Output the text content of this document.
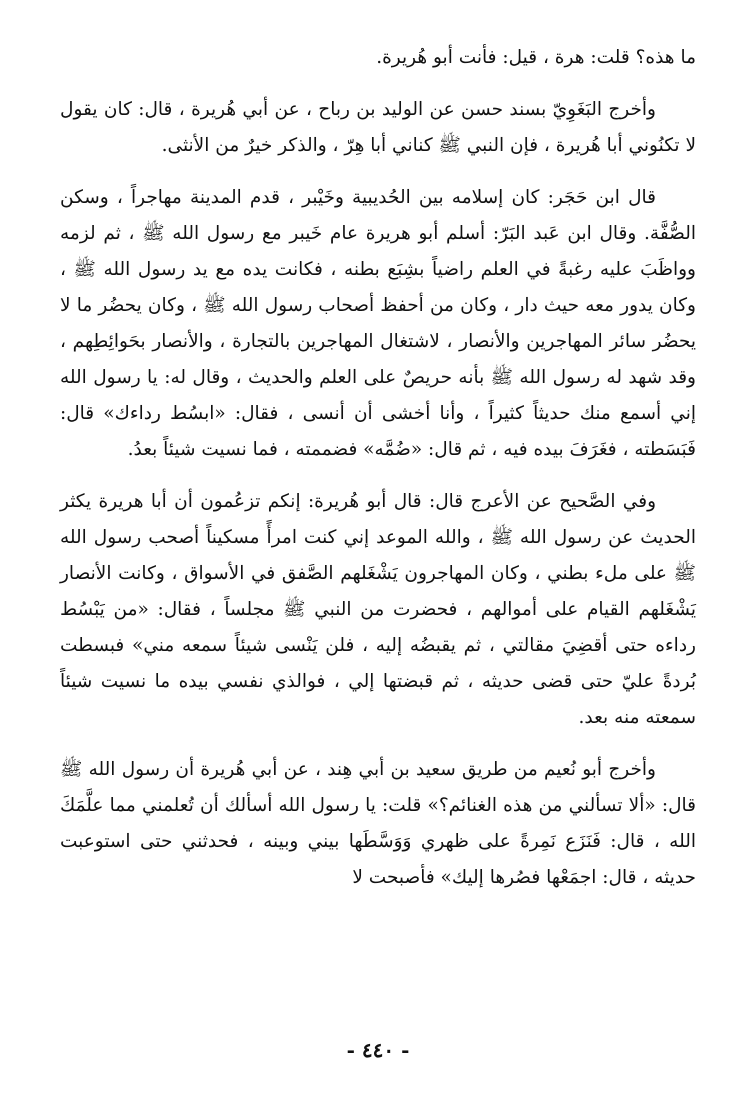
ما هذه؟ قلت: هرة ، قيل: فأنت أبو هُريرة.

وأخرج البَغَوِيّ بسند حسن عن الوليد بن رباح ، عن أبي هُريرة ، قال: كان يقول لا تكنُوني أبا هُريرة ، فإن النبي ﷺ كناني أبا هِرّ ، والذكر خيرٌ من الأنثى.

قال ابن حَجَر: كان إسلامه بين الحُديبية وخَيْبر ، قدم المدينة مهاجراً ، وسكن الصُّفَّة. وقال ابن عَبد البَرّ: أسلم أبو هريرة عام خَيبر مع رسول الله ﷺ ، ثم لزمه وواظَبَ عليه رغبةً في العلم راضياً بشِبَع بطنه ، فكانت يده مع يد رسول الله ﷺ ، وكان يدور معه حيث دار ، وكان من أحفظ أصحاب رسول الله ﷺ ، وكان يحضُر ما لا يحضُر سائر المهاجرين والأنصار ، لاشتغال المهاجرين بالتجارة ، والأنصار بحَوائِطِهم ، وقد شهد له رسول الله ﷺ بأنه حريصٌ على العلم والحديث ، وقال له: يا رسول الله إني أسمع منك حديثاً كثيراً ، وأنا أخشى أن أنسى ، فقال: «ابسُط رداءك» قال: فَبَسَطته ، فغَرَفَ بيده فيه ، ثم قال: «ضُمَّه» فضممته ، فما نسيت شيئاً بعدُ.

وفي الصَّحيح عن الأعرج قال: قال أبو هُريرة: إنكم تزعُمون أن أبا هريرة يكثر الحديث عن رسول الله ﷺ ، والله الموعد إني كنت امرأً مسكيناً أصحب رسول الله ﷺ على ملء بطني ، وكان المهاجرون يَشْغَلهم الصَّفق في الأسواق ، وكانت الأنصار يَشْغَلهم القيام على أموالهم ، فحضرت من النبي ﷺ مجلساً ، فقال: «من يَبْسُط رداءه حتى أقضِيَ مقالتي ، ثم يقبضُه إليه ، فلن يَنْسى شيئاً سمعه مني» فبسطت بُردةً عليّ حتى قضى حديثه ، ثم قبضتها إلي ، فوالذي نفسي بيده ما نسيت شيئاً سمعته منه بعد.

وأخرج أبو نُعيم من طريق سعيد بن أبي هِند ، عن أبي هُريرة أن رسول الله ﷺ قال: «ألا تسألني من هذه الغنائم؟» قلت: يا رسول الله أسألك أن تُعلمني مما علَّمَكَ الله ، قال: فَنَزَع نَمِرةً على ظهري وَوَسَّطَها بيني وبينه ، فحدثني حتى استوعبت حديثه ، قال: اجمَعْها فصُرها إليك» فأصبحت لا

- ٤٤٠ -
